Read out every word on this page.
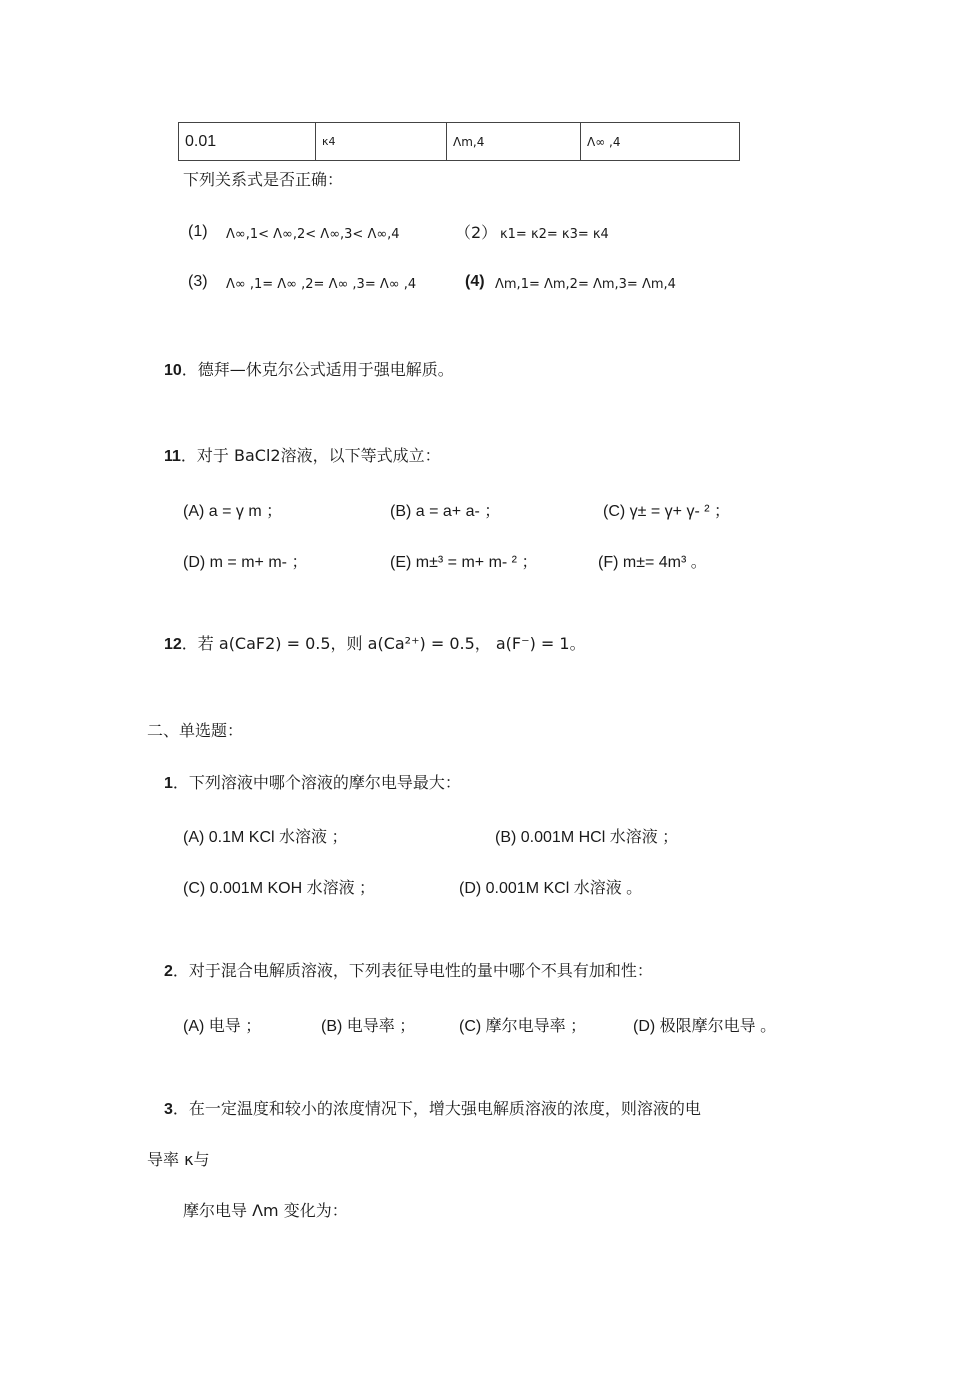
0.01	κ4	Λm,4	Λ∞ ,4
下列关系式是否正确：
(1) Λ∞,1< Λ∞,2< Λ∞,3< Λ∞,4	（2） κ1= κ2= κ3= κ4
(3) Λ∞ ,1= Λ∞ ,2= Λ∞ ,3= Λ∞ ,4	(4) Λm,1= Λm,2= Λm,3= Λm,4
10．德拜—休克尔公式适用于强电解质。
11．对于 BaCl2溶液，以下等式成立：
(A) a = γ m ；	(B) a = a+ a- ；	(C) γ± = γ+ γ- ² ；
(D) m = m+ m- ；	(E) m±³ = m+ m- ² ；	(F) m±= 4m³ 。
12．若 a(CaF2) = 0.5，则 a(Ca²⁺) = 0.5， a(F⁻) = 1。
二、单选题：
1．下列溶液中哪个溶液的摩尔电导最大：
(A) 0.1M KCl 水溶液 ；	(B) 0.001M HCl 水溶液 ；
(C) 0.001M KOH 水溶液 ；	(D) 0.001M KCl 水溶液 。
2．对于混合电解质溶液，下列表征导电性的量中哪个不具有加和性：
(A) 电导 ；	(B) 电导率 ；	(C) 摩尔电导率 ；	(D) 极限摩尔电导 。
3．在一定温度和较小的浓度情况下，增大强电解质溶液的浓度，则溶液的电
导率 κ与
摩尔电导 Λm 变化为：
